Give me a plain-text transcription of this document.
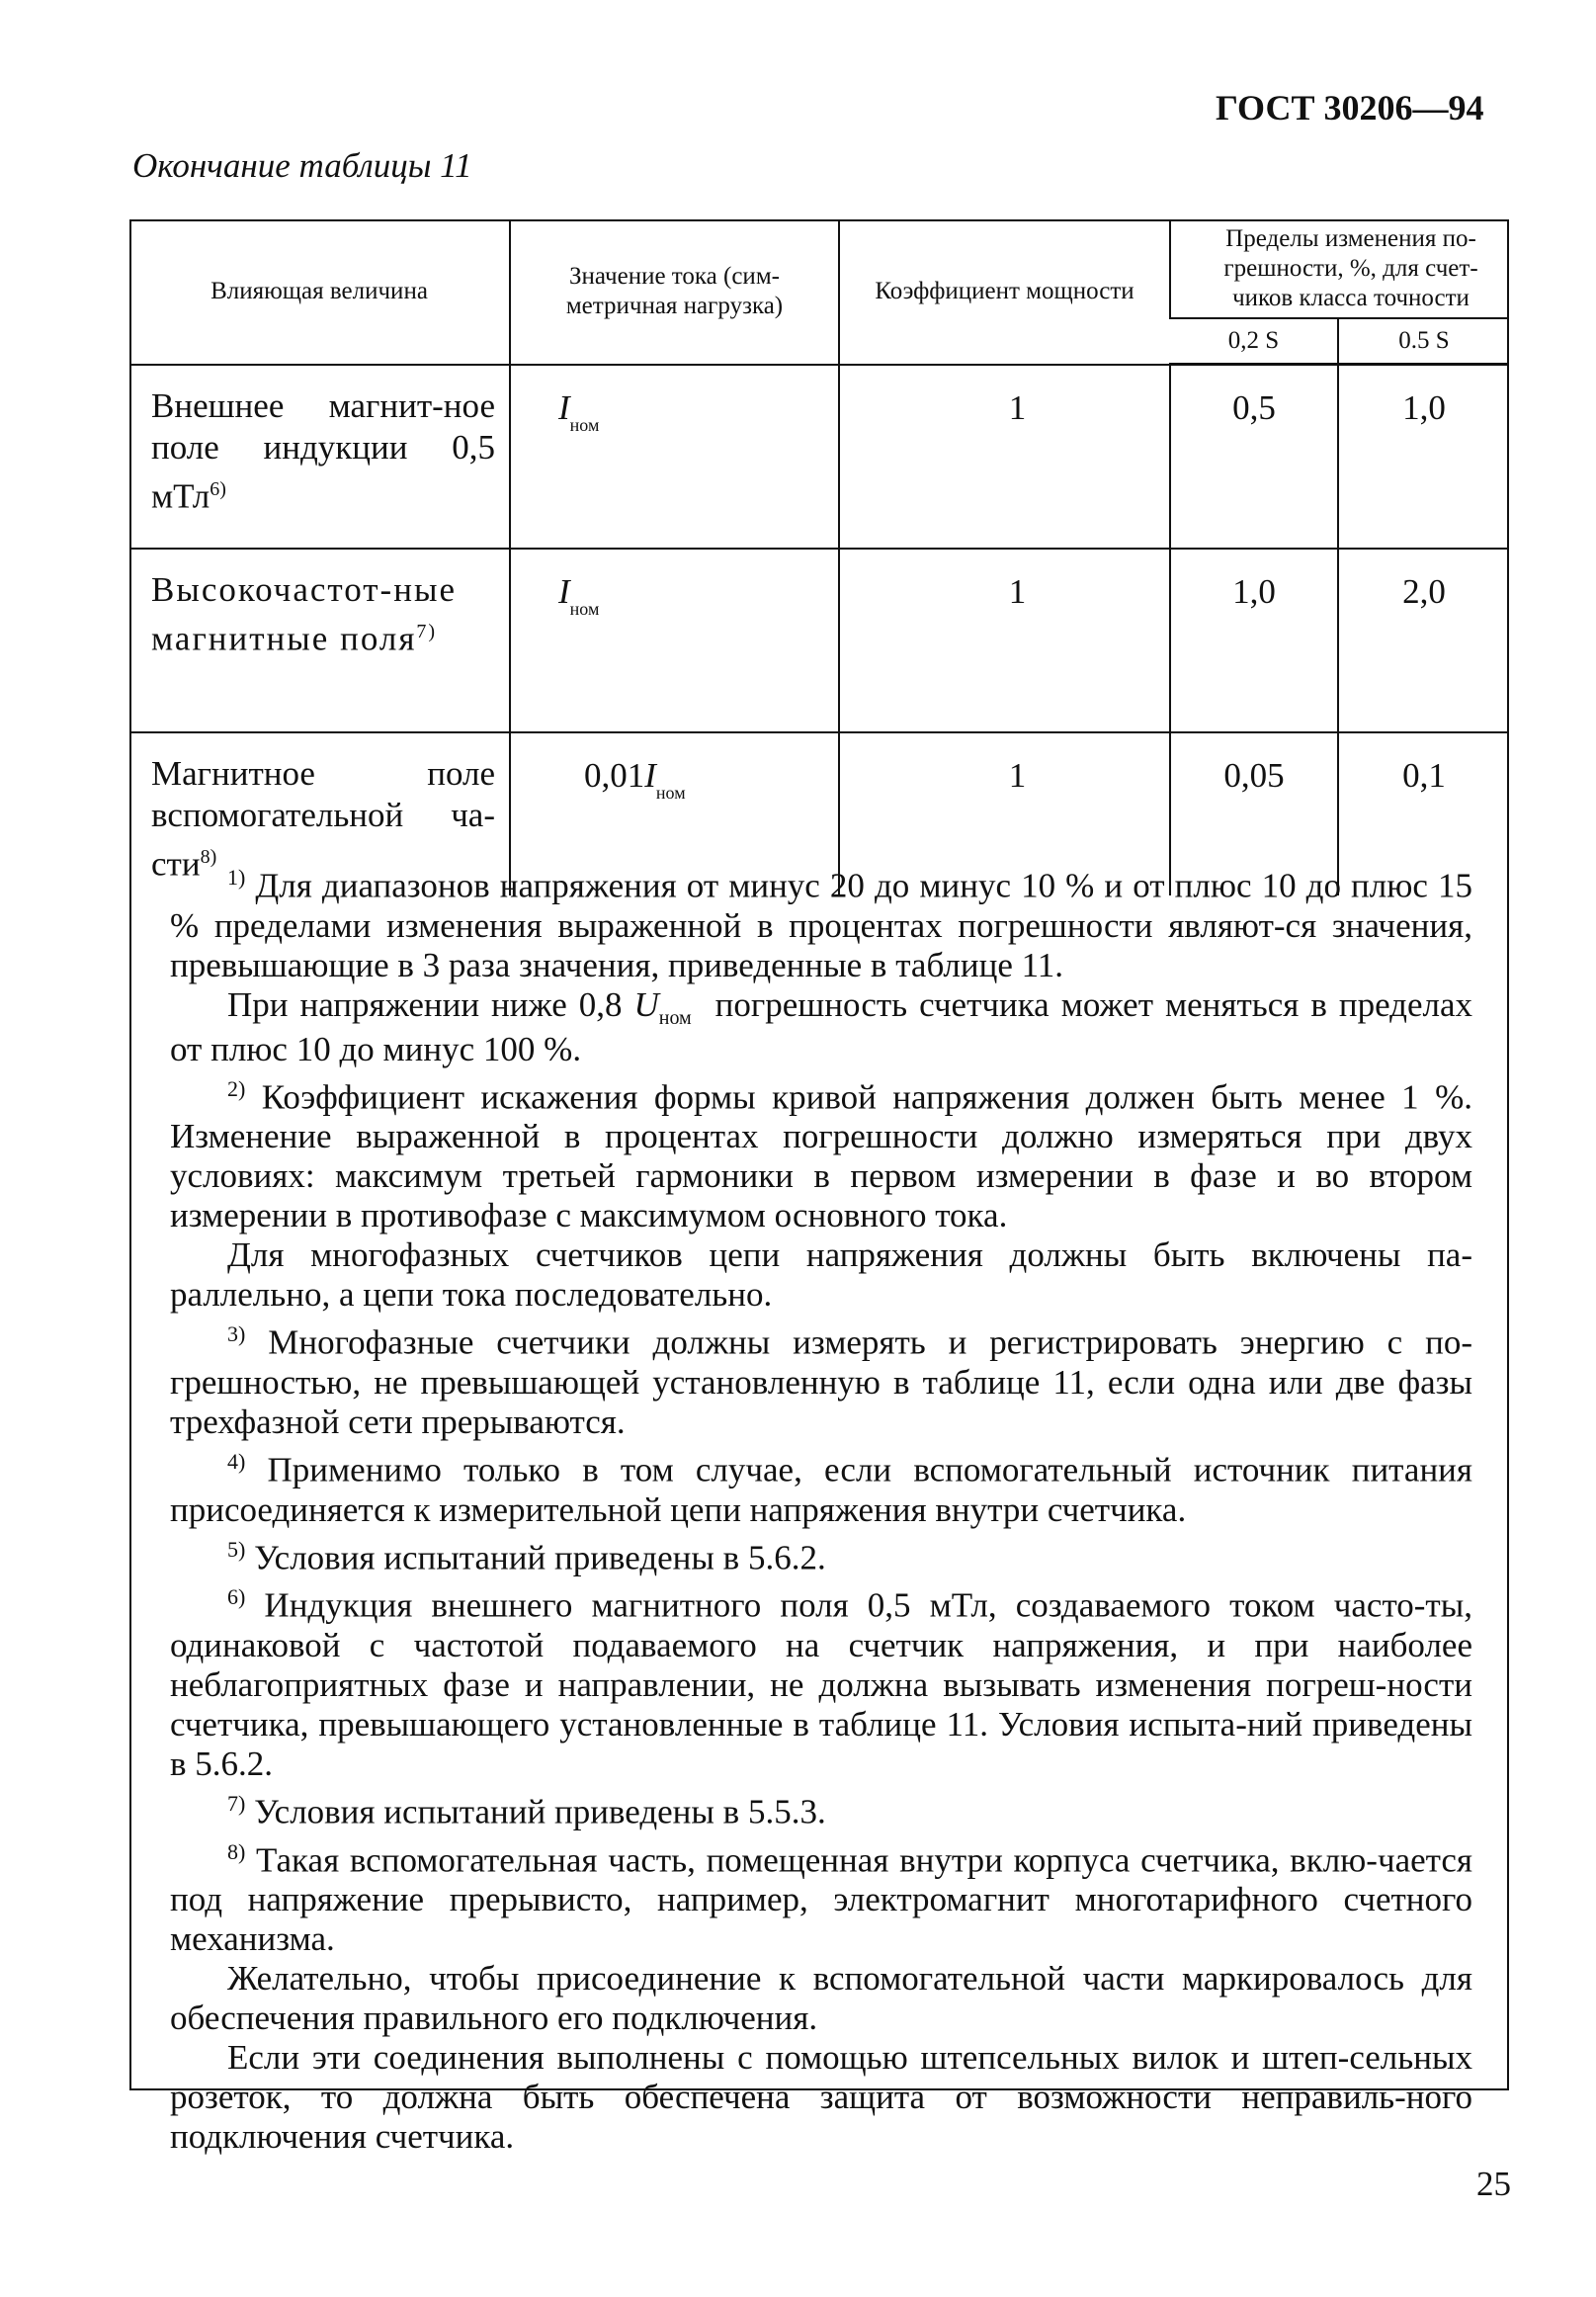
ГОСТ 30206—94
Окончание таблицы 11
Влияющая величина	Значение тока (сим-метричная нагрузка)	Коэффициент мощности	Пределы изменения по-грешности, %, для счет-чиков класса точности	
			0,2 S	0.5 S
Внешнее магнит-ное поле индукции 0,5 мТл$^{6)}$	$I_{ном}$	1	0,5	1,0
Высокочастот-ные магнитные поля$^{7)}$	$I_{ном}$	1	1,0	2,0
Магнитное поле вспомогательной ча-сти$^{8)}$	$0,01I_{ном}$	1	0,05	0,1

$^{1)}$ Для диапазонов напряжения от минус 20 до минус 10 % и от плюс 10 до плюс 15 % пределами изменения выраженной в процентах погрешности являют-ся значения, превышающие в 3 раза значения, приведенные в таблице 11.

При напряжении ниже 0,8 $U_{ном}$ погрешность счетчика может меняться в пределах от плюс 10 до минус 100 %.

$^{2)}$ Коэффициент искажения формы кривой напряжения должен быть менее 1 %. Изменение выраженной в процентах погрешности должно измеряться при двух условиях: максимум третьей гармоники в первом измерении в фазе и во втором измерении в противофазе с максимумом основного тока.

Для многофазных счетчиков цепи напряжения должны быть включены па-раллельно, а цепи тока последовательно.

$^{3)}$ Многофазные счетчики должны измерять и регистрировать энергию с по-грешностью, не превышающей установленную в таблице 11, если одна или две фазы трехфазной сети прерываются.

$^{4)}$ Применимо только в том случае, если вспомогательный источник питания присоединяется к измерительной цепи напряжения внутри счетчика.

$^{5)}$ Условия испытаний приведены в 5.6.2.

$^{6)}$ Индукция внешнего магнитного поля 0,5 мТл, создаваемого током часто-ты, одинаковой с частотой подаваемого на счетчик напряжения, и при наиболее неблагоприятных фазе и направлении, не должна вызывать изменения погреш-ности счетчика, превышающего установленные в таблице 11. Условия испыта-ний приведены в 5.6.2.

$^{7)}$ Условия испытаний приведены в 5.5.3.

$^{8)}$ Такая вспомогательная часть, помещенная внутри корпуса счетчика, вклю-чается под напряжение прерывисто, например, электромагнит многотарифного счетного механизма.

Желательно, чтобы присоединение к вспомогательной части маркировалось для обеспечения правильного его подключения.

Если эти соединения выполнены с помощью штепсельных вилок и штеп-сельных розеток, то должна быть обеспечена защита от возможности неправиль-ного подключения счетчика.

25
